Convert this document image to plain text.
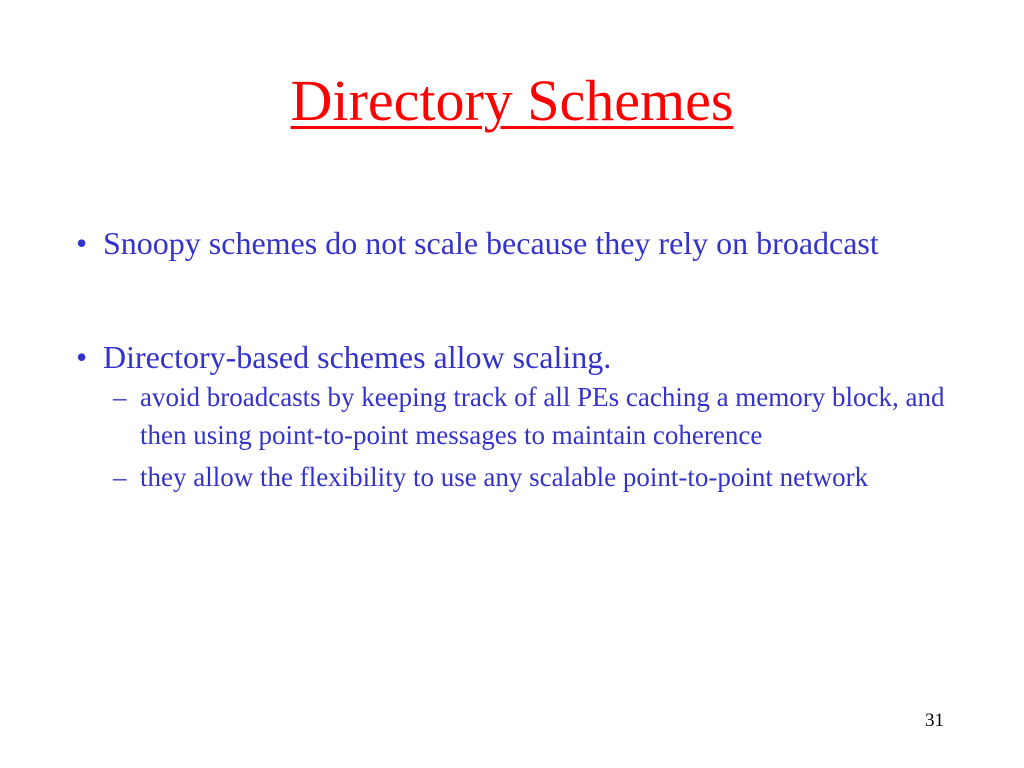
Directory Schemes
• Snoopy schemes do not scale because they rely on broadcast
• Directory-based schemes allow scaling.
– avoid broadcasts by keeping track of all PEs caching a memory block, and then using point-to-point messages to maintain coherence
– they allow the flexibility to use any scalable point-to-point network
31
